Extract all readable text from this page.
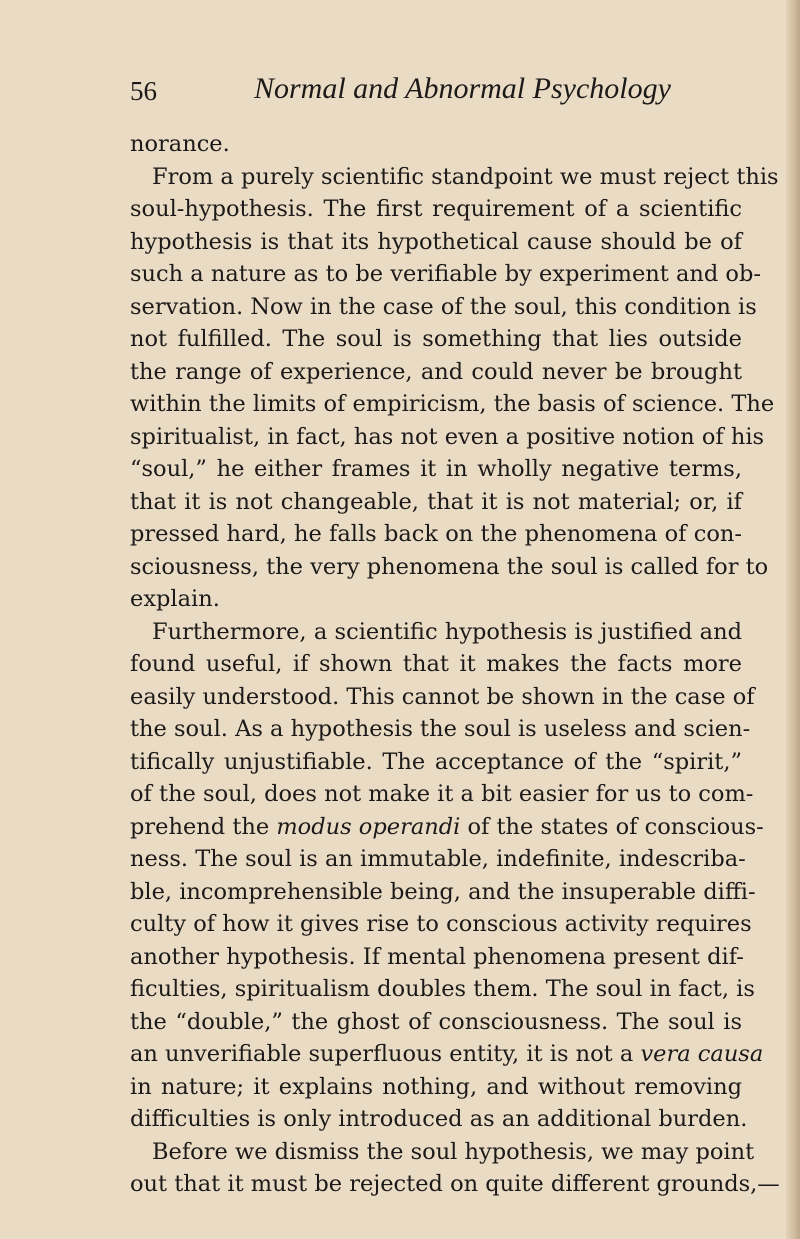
56	Normal and Abnormal Psychology
norance.
From a purely scientific standpoint we must reject this
soul-hypothesis. The first requirement of a scientific
hypothesis is that its hypothetical cause should be of
such a nature as to be verifiable by experiment and ob-
servation. Now in the case of the soul, this condition is
not fulfilled. The soul is something that lies outside
the range of experience, and could never be brought
within the limits of empiricism, the basis of science. The
spiritualist, in fact, has not even a positive notion of his
“soul,” he either frames it in wholly negative terms,
that it is not changeable, that it is not material; or, if
pressed hard, he falls back on the phenomena of con-
sciousness, the very phenomena the soul is called for to
explain.
Furthermore, a scientific hypothesis is justified and
found useful, if shown that it makes the facts more
easily understood. This cannot be shown in the case of
the soul. As a hypothesis the soul is useless and scien-
tifically unjustifiable. The acceptance of the “spirit,”
of the soul, does not make it a bit easier for us to com-
prehend the modus operandi of the states of conscious-
ness. The soul is an immutable, indefinite, indescriba-
ble, incomprehensible being, and the insuperable diffi-
culty of how it gives rise to conscious activity requires
another hypothesis. If mental phenomena present dif-
ficulties, spiritualism doubles them. The soul in fact, is
the “double,” the ghost of consciousness. The soul is
an unverifiable superfluous entity, it is not a vera causa
in nature; it explains nothing, and without removing
difficulties is only introduced as an additional burden.
Before we dismiss the soul hypothesis, we may point
out that it must be rejected on quite different grounds,—
